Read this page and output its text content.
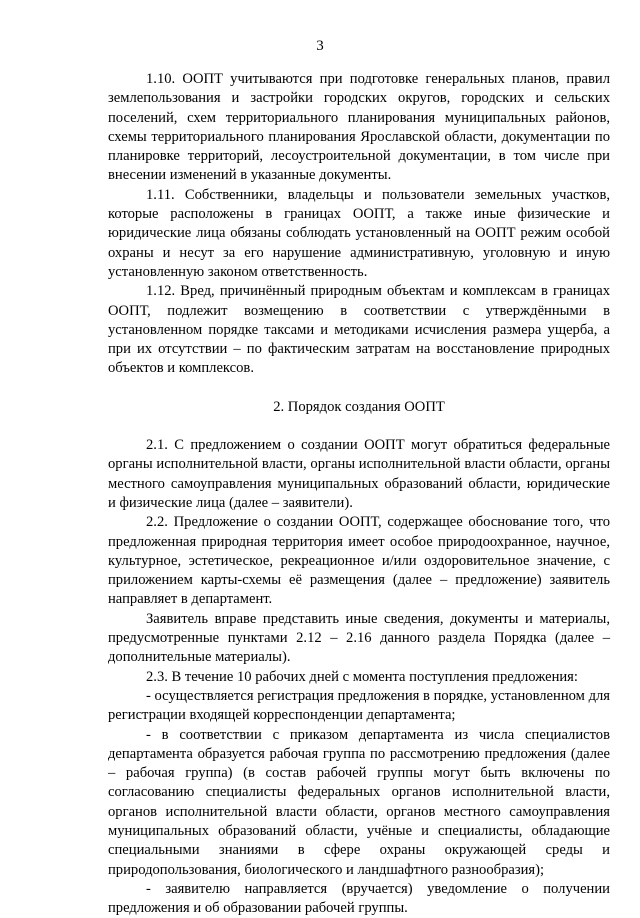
3

1.10. ООПТ учитываются при подготовке генеральных планов, правил землепользования и застройки городских округов, городских и сельских поселений, схем территориального планирования муниципальных районов, схемы территориального планирования Ярославской области, документации по планировке территорий, лесоустроительной документации, в том числе при внесении изменений в указанные документы.

1.11. Собственники, владельцы и пользователи земельных участков, которые расположены в границах ООПТ, а также иные физические и юридические лица обязаны соблюдать установленный на ООПТ режим особой охраны и несут за его нарушение административную, уголовную и иную установленную законом ответственность.

1.12. Вред, причинённый природным объектам и комплексам в границах ООПТ, подлежит возмещению в соответствии с утверждёнными в установленном порядке таксами и методиками исчисления размера ущерба, а при их отсутствии – по фактическим затратам на восстановление природных объектов и комплексов.

2. Порядок создания ООПТ

2.1. С предложением о создании ООПТ могут обратиться федеральные органы исполнительной власти, органы исполнительной власти области, органы местного самоуправления муниципальных образований области, юридические и физические лица (далее – заявители).

2.2. Предложение о создании ООПТ, содержащее обоснование того, что предложенная природная территория имеет особое природоохранное, научное, культурное, эстетическое, рекреационное и/или оздоровительное значение, с приложением карты-схемы её размещения (далее – предложение) заявитель направляет в департамент.

Заявитель вправе представить иные сведения, документы и материалы, предусмотренные пунктами 2.12 – 2.16 данного раздела Порядка (далее – дополнительные материалы).

2.3. В течение 10 рабочих дней с момента поступления предложения:

- осуществляется регистрация предложения в порядке, установленном для регистрации входящей корреспонденции департамента;

- в соответствии с приказом департамента из числа специалистов департамента образуется рабочая группа по рассмотрению предложения (далее – рабочая группа) (в состав рабочей группы могут быть включены по согласованию специалисты федеральных органов исполнительной власти, органов исполнительной власти области, органов местного самоуправления муниципальных образований области, учёные и специалисты, обладающие специальными знаниями в сфере охраны окружающей среды и природопользования, биологического и ландшафтного разнообразия);

- заявителю направляется (вручается) уведомление о получении предложения и об образовании рабочей группы.
